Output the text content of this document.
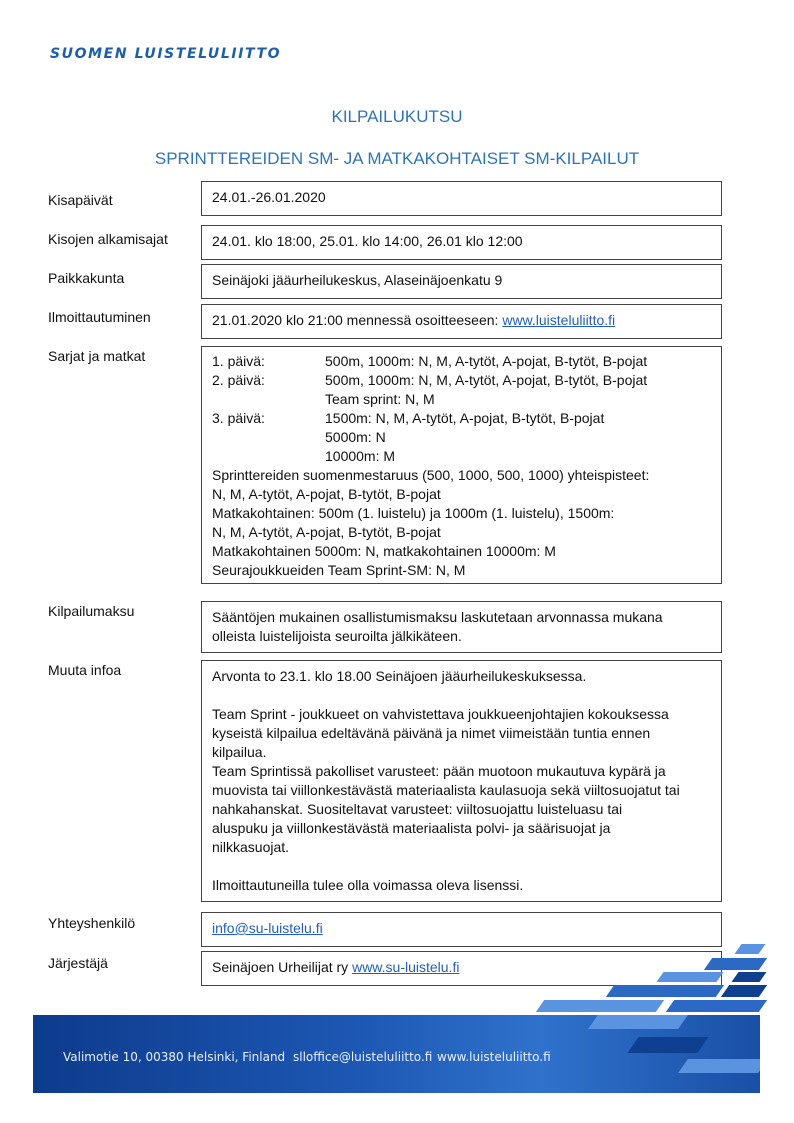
SUOMEN LUISTELULIITTO
KILPAILUKUTSU
SPRINTTEREIDEN SM- JA MATKAKOHTAISET SM-KILPAILUT
Kisapäivät	24.01.-26.01.2020
Kisojen alkamisajat	24.01. klo 18:00, 25.01. klo 14:00, 26.01 klo 12:00
Paikkakunta	Seinäjoki jääurheilukeskus, Alaseinäjoenkatu 9
Ilmoittautuminen	21.01.2020 klo 21:00 mennessä osoitteeseen: www.luisteluliitto.fi
Sarjat ja matkat	1. päivä:	500m, 1000m: N, M, A-tytöt, A-pojat, B-tytöt, B-pojat
2. päivä:	500m, 1000m: N, M, A-tytöt, A-pojat, B-tytöt, B-pojat
Team sprint: N, M
3. päivä:	1500m: N, M, A-tytöt, A-pojat, B-tytöt, B-pojat
5000m: N
10000m: M
Sprinttereiden suomenmestaruus (500, 1000, 500, 1000) yhteispisteet:
N, M, A-tytöt, A-pojat, B-tytöt, B-pojat
Matkakohtainen: 500m (1. luistelu) ja 1000m (1. luistelu), 1500m:
N, M, A-tytöt, A-pojat, B-tytöt, B-pojat
Matkakohtainen 5000m: N, matkakohtainen 10000m: M
Seurajoukkueiden Team Sprint-SM: N, M
Kilpailumaksu	Sääntöjen mukainen osallistumismaksu laskutetaan arvonnassa mukana
olleista luistelijoista seuroilta jälkikäteen.
Muuta infoa	Arvonta to 23.1. klo 18.00 Seinäjoen jääurheilukeskuksessa.
Team Sprint - joukkueet on vahvistettava joukkueenjohtajien kokouksessa
kyseistä kilpailua edeltävänä päivänä ja nimet viimeistään tuntia ennen
kilpailua.
Team Sprintissä pakolliset varusteet: pään muotoon mukautuva kypärä ja
muovista tai viillonkestävästä materiaalista kaulasuoja sekä viiltosuojatut tai
nahkahanskat. Suositeltavat varusteet: viiltosuojattu luisteluasu tai
aluspuku ja viillonkestävästä materiaalista polvi- ja säärisuojat ja
nilkkasuojat.
Ilmoittautuneilla tulee olla voimassa oleva lisenssi.
Yhteyshenkilö	info@su-luistelu.fi
Järjestäjä	Seinäjoen Urheilijat ry www.su-luistelu.fi
Valimotie 10, 00380 Helsinki, Finland slloffice@luisteluliitto.fi www.luisteluliitto.fi
